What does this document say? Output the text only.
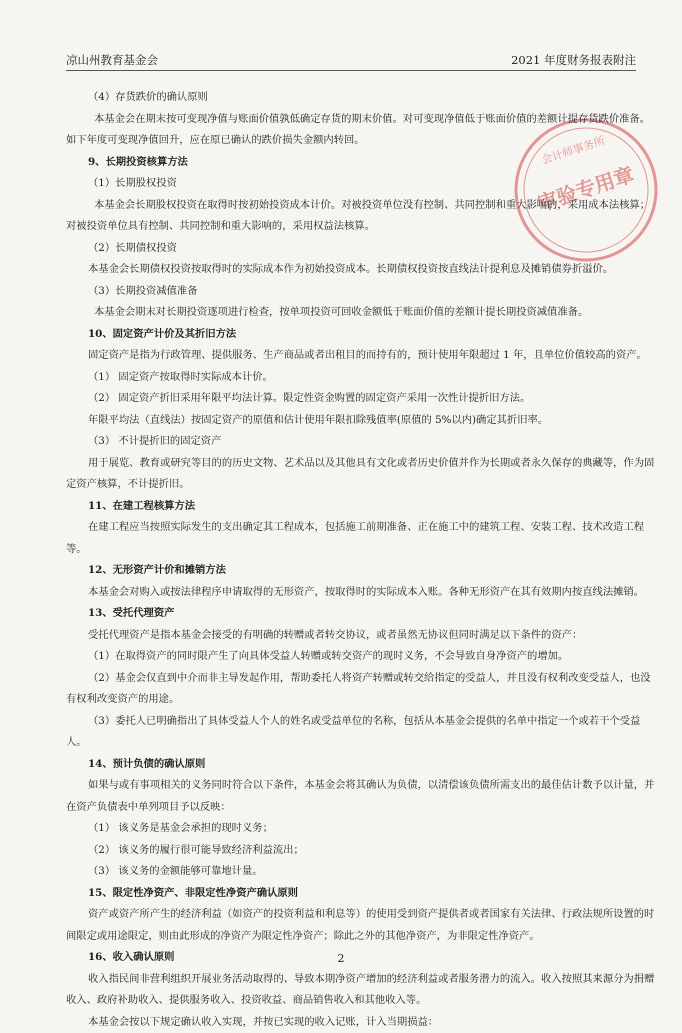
凉山州教育基金会	2021 年度财务报表附注
审验专用章
会计师事务所
（4）存货跌价的确认原则
本基金会在期末按可变现净值与账面价值孰低确定存货的期末价值。对可变现净值低于账面价值的差额计提存货跌价准备。如下年度可变现净值回升，应在原已确认的跌价损失金额内转回。
9、长期投资核算方法
（1）长期股权投资
本基金会长期股权投资在取得时按初始投资成本计价。对被投资单位没有控制、共同控制和重大影响的，采用成本法核算；对被投资单位具有控制、共同控制和重大影响的，采用权益法核算。
（2）长期债权投资
本基金会长期债权投资按取得时的实际成本作为初始投资成本。长期债权投资按直线法计提利息及摊销债券折溢价。
（3）长期投资减值准备
本基金会期末对长期投资逐项进行检查，按单项投资可回收金额低于账面价值的差额计提长期投资减值准备。
10、固定资产计价及其折旧方法
固定资产是指为行政管理、提供服务、生产商品或者出租目的而持有的，预计使用年限超过 1 年，且单位价值较高的资产。
（1） 固定资产按取得时实际成本计价。
（2） 固定资产折旧采用年限平均法计算。限定性资金购置的固定资产采用一次性计提折旧方法。
年限平均法（直线法）按固定资产的原值和估计使用年限扣除残值率(原值的 5%以内)确定其折旧率。
（3） 不计提折旧的固定资产
用于展览、教育或研究等目的的历史文物、艺术品以及其他具有文化或者历史价值并作为长期或者永久保存的典藏等，作为固定资产核算，不计提折旧。
11、在建工程核算方法
在建工程应当按照实际发生的支出确定其工程成本，包括施工前期准备、正在施工中的建筑工程、安装工程、技术改造工程等。
12、无形资产计价和摊销方法
本基金会对购入或按法律程序申请取得的无形资产，按取得时的实际成本入账。各种无形资产在其有效期内按直线法摊销。
13、受托代理资产
受托代理资产是指本基金会接受的有明确的转赠或者转交协议，或者虽然无协议但同时满足以下条件的资产：
（1）在取得资产的同时限产生了向具体受益人转赠或转交资产的现时义务，不会导致自身净资产的增加。
（2）基金会仅直到中介而非主导发起作用，帮助委托人将资产转赠或转交给指定的受益人，并且没有权利改变受益人，也没有权利改变资产的用途。
（3）委托人已明确指出了具体受益人个人的姓名或受益单位的名称，包括从本基金会提供的名单中指定一个或若干个受益人。
14、预计负债的确认原则
如果与或有事项相关的义务同时符合以下条件，本基金会将其确认为负债，以清偿该负债所需支出的最佳估计数予以计量，并在资产负债表中单列项目予以反映：
（1） 该义务是基金会承担的现时义务；
（2） 该义务的履行很可能导致经济利益流出；
（3） 该义务的金额能够可靠地计量。
15、限定性净资产、非限定性净资产确认原则
资产或资产所产生的经济利益（如资产的投资利益和利息等）的使用受到资产提供者或者国家有关法律、行政法规所设置的时间限定或用途限定，则由此形成的净资产为限定性净资产；除此之外的其他净资产，为非限定性净资产。
16、收入确认原则
收入指民间非营利组织开展业务活动取得的、导致本期净资产增加的经济利益或者服务潜力的流入。收入按照其来源分为捐赠收入、政府补助收入、提供服务收入、投资收益、商品销售收入和其他收入等。
本基金会按以下规定确认收入实现，并按已实现的收入记账，计入当期损益：
2
